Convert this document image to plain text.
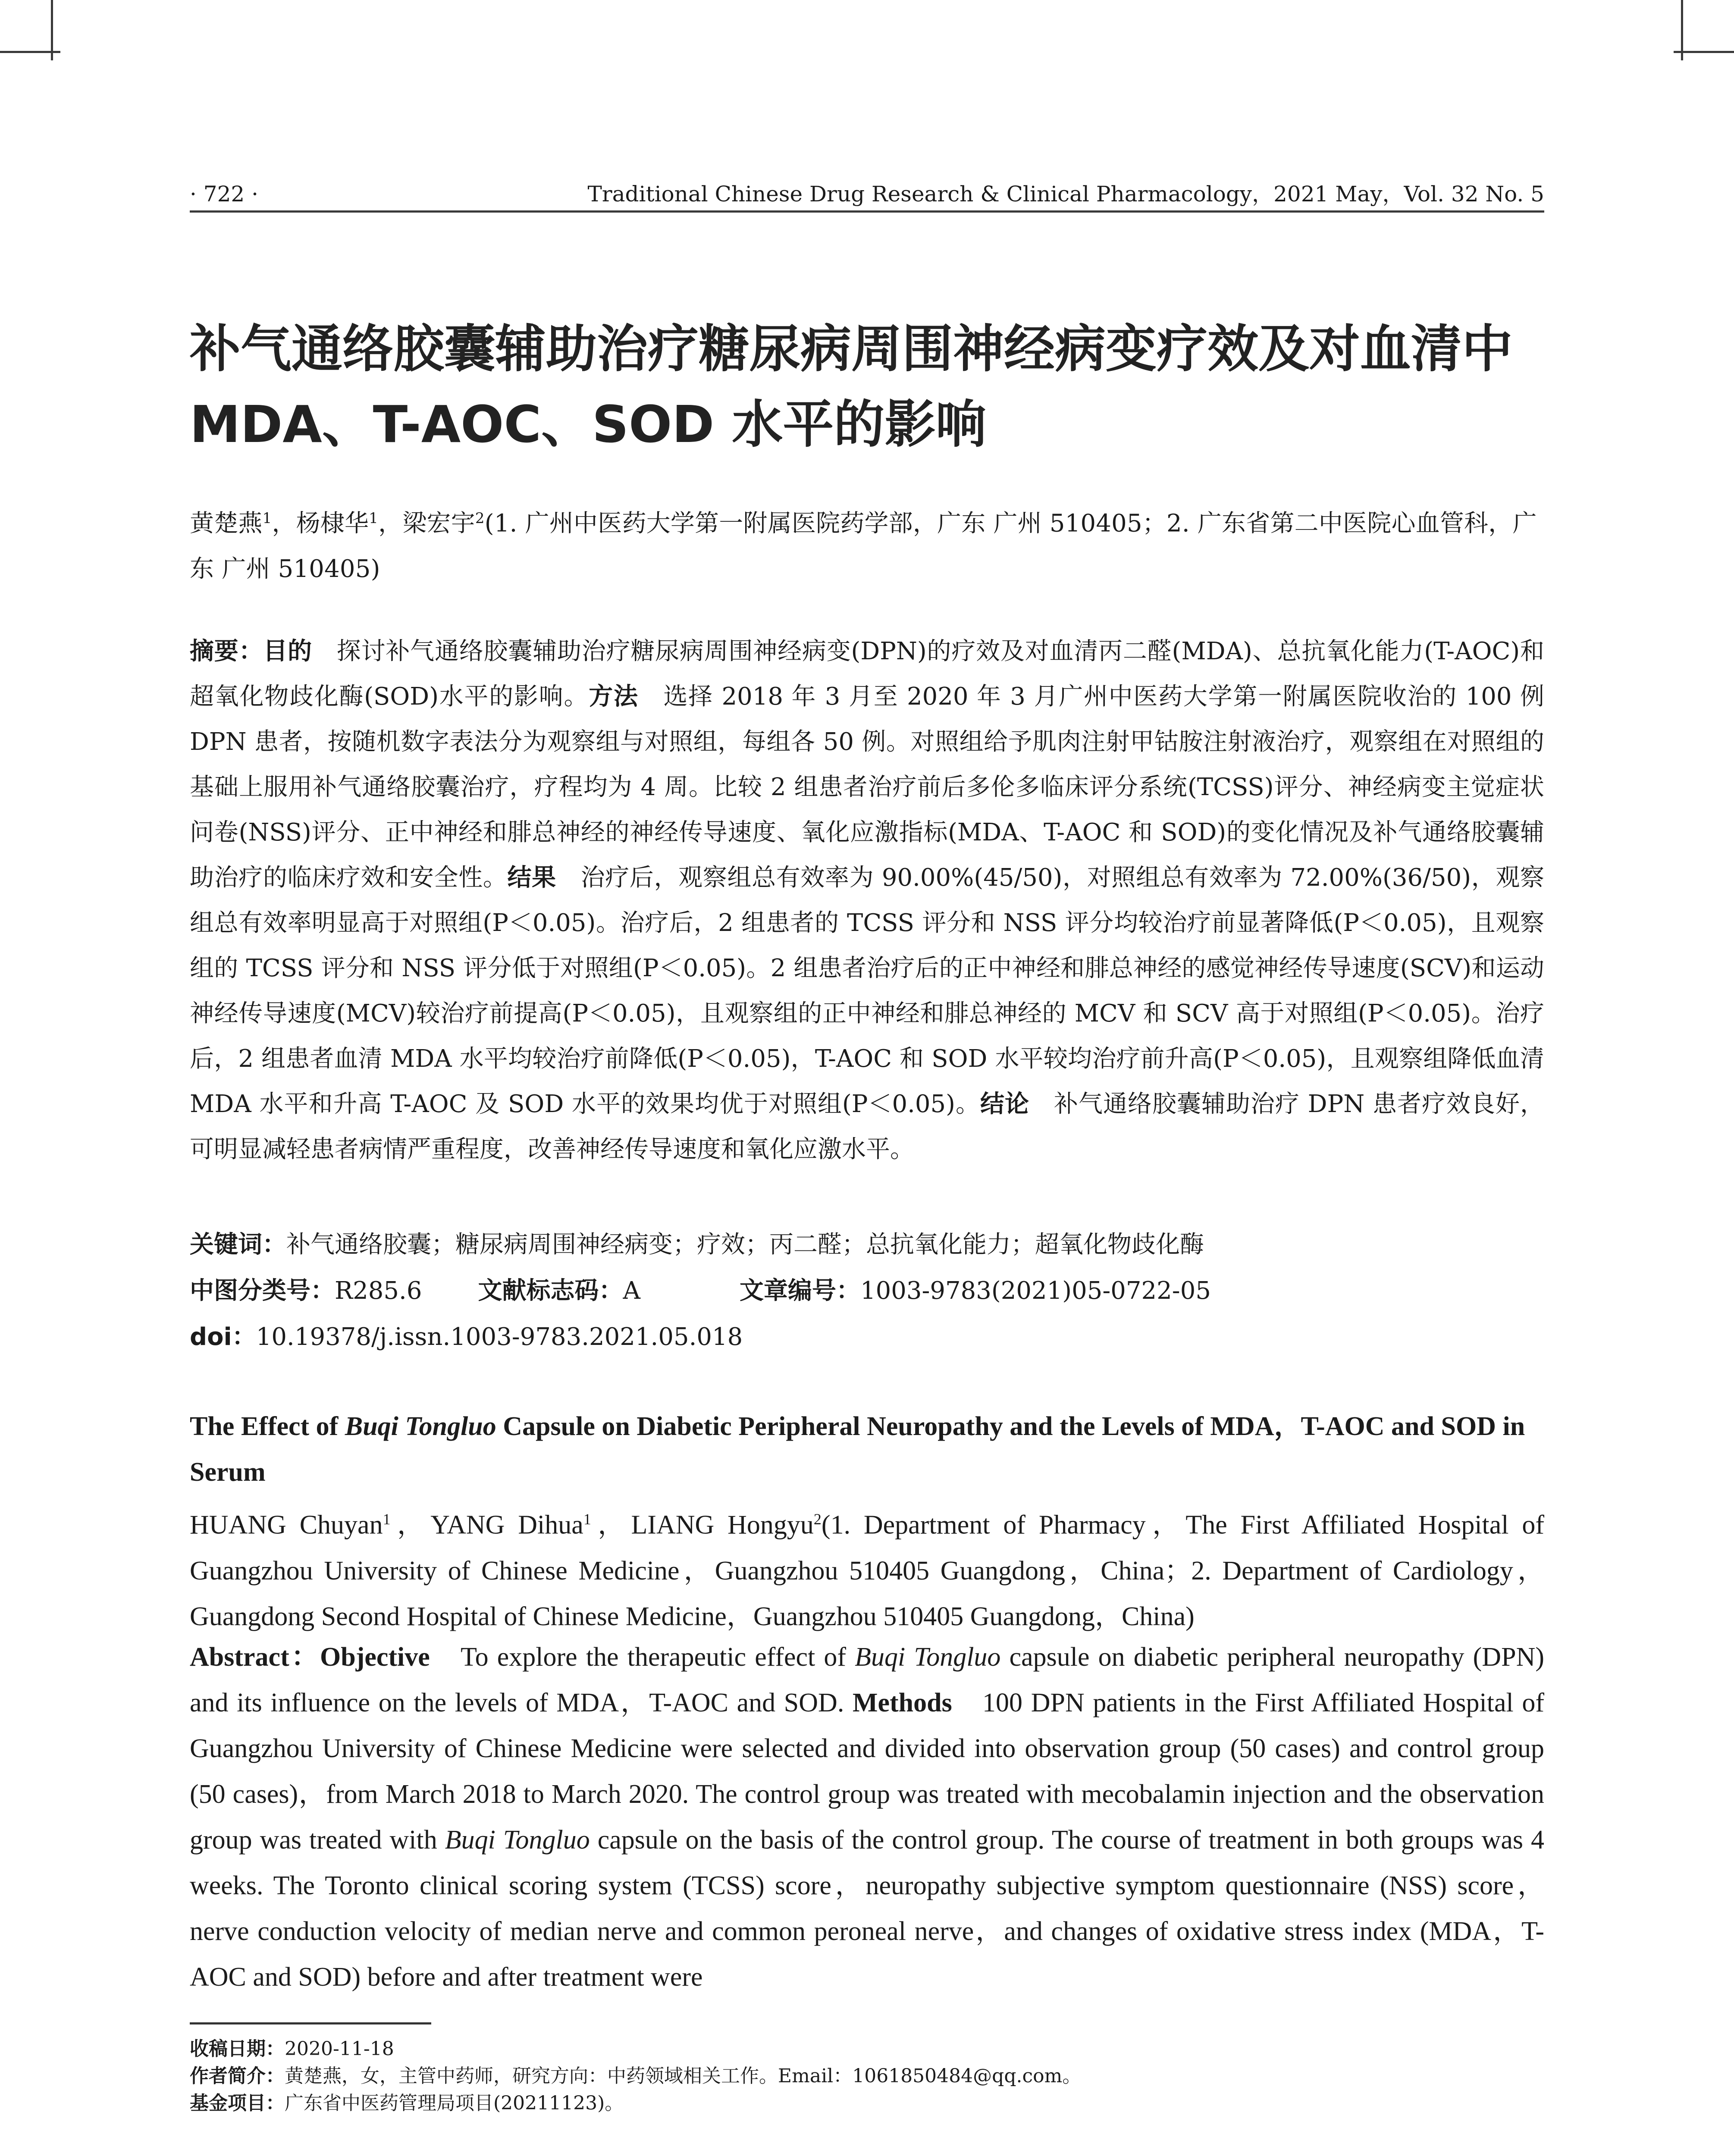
· 722 ·	Traditional Chinese Drug Research & Clinical Pharmacology，2021 May，Vol. 32 No. 5
补气通络胶囊辅助治疗糖尿病周围神经病变疗效及对血清中
MDA、T-AOC、SOD 水平的影响
黄楚燕$^1$，杨棣华$^1$，梁宏宇$^2$(1. 广州中医药大学第一附属医院药学部，广东 广州 510405；2. 广东省第二中医院心血管科，广东 广州 510405)
摘要：目的　探讨补气通络胶囊辅助治疗糖尿病周围神经病变(DPN)的疗效及对血清丙二醛(MDA)、总抗氧化能力(T-AOC)和超氧化物歧化酶(SOD)水平的影响。方法　选择 2018 年 3 月至 2020 年 3 月广州中医药大学第一附属医院收治的 100 例 DPN 患者，按随机数字表法分为观察组与对照组，每组各 50 例。对照组给予肌肉注射甲钴胺注射液治疗，观察组在对照组的基础上服用补气通络胶囊治疗，疗程均为 4 周。比较 2 组患者治疗前后多伦多临床评分系统(TCSS)评分、神经病变主觉症状问卷(NSS)评分、正中神经和腓总神经的神经传导速度、氧化应激指标(MDA、T-AOC 和 SOD)的变化情况及补气通络胶囊辅助治疗的临床疗效和安全性。结果　治疗后，观察组总有效率为 90.00%(45/50)，对照组总有效率为 72.00%(36/50)，观察组总有效率明显高于对照组(P＜0.05)。治疗后，2 组患者的 TCSS 评分和 NSS 评分均较治疗前显著降低(P＜0.05)，且观察组的 TCSS 评分和 NSS 评分低于对照组(P＜0.05)。2 组患者治疗后的正中神经和腓总神经的感觉神经传导速度(SCV)和运动神经传导速度(MCV)较治疗前提高(P＜0.05)，且观察组的正中神经和腓总神经的 MCV 和 SCV 高于对照组(P＜0.05)。治疗后，2 组患者血清 MDA 水平均较治疗前降低(P＜0.05)，T-AOC 和 SOD 水平较均治疗前升高(P＜0.05)，且观察组降低血清 MDA 水平和升高 T-AOC 及 SOD 水平的效果均优于对照组(P＜0.05)。结论　补气通络胶囊辅助治疗 DPN 患者疗效良好，可明显减轻患者病情严重程度，改善神经传导速度和氧化应激水平。
关键词：补气通络胶囊；糖尿病周围神经病变；疗效；丙二醛；总抗氧化能力；超氧化物歧化酶
中图分类号：R285.6 文献标志码：A	文章编号：1003-9783(2021)05-0722-05
doi：10.19378/j.issn.1003-9783.2021.05.018
The Effect of Buqi Tongluo Capsule on Diabetic Peripheral Neuropathy and the Levels of MDA，T-AOC and SOD in Serum
HUANG Chuyan$^1$，YANG Dihua$^1$，LIANG Hongyu$^2$(1. Department of Pharmacy，The First Affiliated Hospital of Guangzhou University of Chinese Medicine，Guangzhou 510405 Guangdong，China；2. Department of Cardiology，Guangdong Second Hospital of Chinese Medicine，Guangzhou 510405 Guangdong，China)
Abstract：Objective　To explore the therapeutic effect of Buqi Tongluo capsule on diabetic peripheral neuropathy (DPN) and its influence on the levels of MDA，T-AOC and SOD. Methods　100 DPN patients in the First Affiliated Hospital of Guangzhou University of Chinese Medicine were selected and divided into observation group (50 cases) and control group (50 cases)，from March 2018 to March 2020. The control group was treated with mecobalamin injection and the observation group was treated with Buqi Tongluo capsule on the basis of the control group. The course of treatment in both groups was 4 weeks. The Toronto clinical scoring system (TCSS) score，neuropathy subjective symptom questionnaire (NSS) score，nerve conduction velocity of median nerve and common peroneal nerve，and changes of oxidative stress index (MDA，T-AOC and SOD) before and after treatment were
收稿日期：2020-11-18
作者简介：黄楚燕，女，主管中药师，研究方向：中药领域相关工作。Email：1061850484@qq.com。
基金项目：广东省中医药管理局项目(20211123)。
